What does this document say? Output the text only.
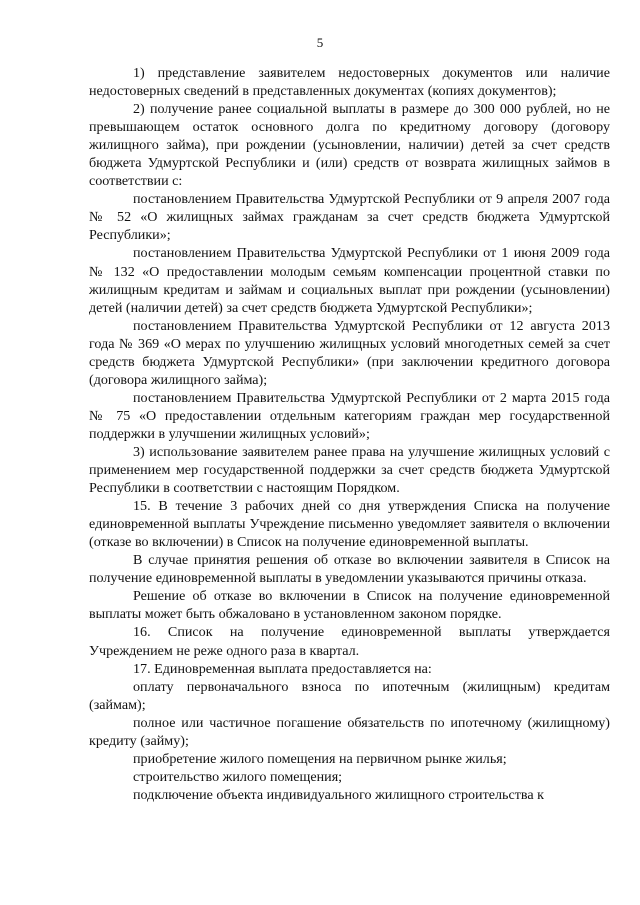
5

1) представление заявителем недостоверных документов или наличие недостоверных сведений в представленных документах (копиях документов);

2) получение ранее социальной выплаты в размере до 300 000 рублей, но не превышающем остаток основного долга по кредитному договору (договору жилищного займа), при рождении (усыновлении, наличии) детей за счет средств бюджета Удмуртской Республики и (или) средств от возврата жилищных займов в соответствии с:

постановлением Правительства Удмуртской Республики от 9 апреля 2007 года № 52 «О жилищных займах гражданам за счет средств бюджета Удмуртской Республики»;

постановлением Правительства Удмуртской Республики от 1 июня 2009 года № 132 «О предоставлении молодым семьям компенсации процентной ставки по жилищным кредитам и займам и социальных выплат при рождении (усыновлении) детей (наличии детей) за счет средств бюджета Удмуртской Республики»;

постановлением Правительства Удмуртской Республики от 12 августа 2013 года № 369 «О мерах по улучшению жилищных условий многодетных семей за счет средств бюджета Удмуртской Республики» (при заключении кредитного договора (договора жилищного займа);

постановлением Правительства Удмуртской Республики от 2 марта 2015 года № 75 «О предоставлении отдельным категориям граждан мер государственной поддержки в улучшении жилищных условий»;

3) использование заявителем ранее права на улучшение жилищных условий с применением мер государственной поддержки за счет средств бюджета Удмуртской Республики в соответствии с настоящим Порядком.

15. В течение 3 рабочих дней со дня утверждения Списка на получение единовременной выплаты Учреждение письменно уведомляет заявителя о включении (отказе во включении) в Список на получение единовременной выплаты.

В случае принятия решения об отказе во включении заявителя в Список на получение единовременной выплаты в уведомлении указываются причины отказа.

Решение об отказе во включении в Список на получение единовременной выплаты может быть обжаловано в установленном законом порядке.

16. Список на получение единовременной выплаты утверждается Учреждением не реже одного раза в квартал.

17. Единовременная выплата предоставляется на:

оплату первоначального взноса по ипотечным (жилищным) кредитам (займам);

полное или частичное погашение обязательств по ипотечному (жилищному) кредиту (займу);

приобретение жилого помещения на первичном рынке жилья;

строительство жилого помещения;

подключение объекта индивидуального жилищного строительства к
